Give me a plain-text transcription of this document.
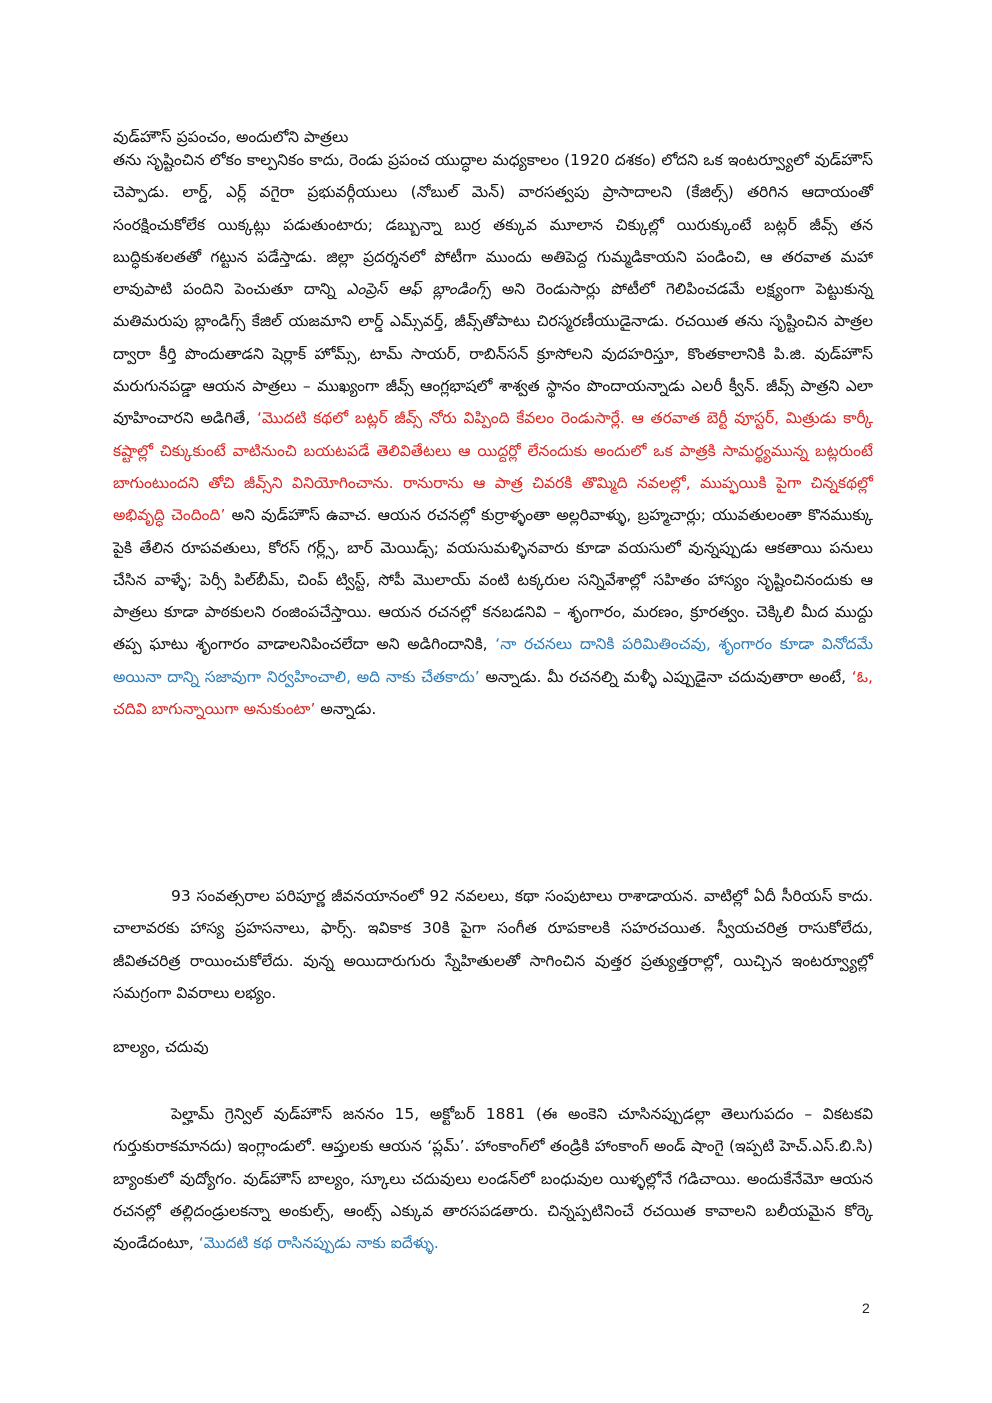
వుడ్‌హౌస్ ప్రపంచం, అందులోని పాత్రలు

తను సృష్టించిన లోకం కాల్పనికం కాదు, రెండు ప్రపంచ యుద్ధాల మధ్యకాలం (1920 దశకం) లోదని ఒక ఇంటర్వ్యూలో వుడ్‌హౌస్ చెప్పాడు. లార్డ్, ఎర్ల్ వగైరా ప్రభువర్గీయులు (నోబుల్ మెన్) వారసత్వపు ప్రాసాదాలని (కేజిల్స్) తరిగిన ఆదాయంతో సంరక్షించుకోలేక యిక్కట్లు పడుతుంటారు; డబ్బున్నా బుర్ర తక్కువ మూలాన చిక్కుల్లో యిరుక్కుంటే బట్లర్ జీవ్స్ తన బుద్ధికుశలతతో గట్టున పడేస్తాడు. జిల్లా ప్రదర్శనలో పోటీగా ముందు అతిపెద్ద గుమ్మడికాయని పండించి, ఆ తరవాత మహా లావుపాటి పందిని పెంచుతూ దాన్ని ఎంప్రెస్ ఆఫ్ బ్లాండింగ్స్ అని రెండుసార్లు పోటీలో గెలిపించడమే లక్ష్యంగా పెట్టుకున్న మతిమరుపు బ్లాండిగ్స్ కేజిల్ యజమాని లార్డ్ ఎమ్స్‌వర్త్, జీవ్స్‌తోపాటు చిరస్మరణీయుడైనాడు. రచయిత తను సృష్టించిన పాత్రల ద్వారా కీర్తి పొందుతాడని షెర్లాక్ హోమ్స్, టామ్ సాయర్, రాబిన్‌సన్ క్రూసోలని వుదహరిస్తూ, కొంతకాలానికి పి.జి. వుడ్‌హౌస్ మరుగునపడ్డా ఆయన పాత్రలు – ముఖ్యంగా జీవ్స్ ఆంగ్లభాషలో శాశ్వత స్థానం పొందాయన్నాడు ఎలరీ క్వీన్. జీవ్స్ పాత్రని ఎలా వూహించారని అడిగితే, ‘మొదటి కథలో బట్లర్ జీవ్స్ నోరు విప్పింది కేవలం రెండుసార్లే. ఆ తరవాత బెర్టీ వూస్టర్, మిత్రుడు కార్కీ కష్టాల్లో చిక్కుకుంటే వాటినుంచి బయటపడే తెలివితేటలు ఆ యిద్దర్లో లేనందుకు అందులో ఒక పాత్రకి సామర్థ్యమున్న బట్లరుంటే బాగుంటుందని తోచి జీవ్స్‌ని వినియోగించాను. రానురాను ఆ పాత్ర చివరకి తొమ్మిది నవలల్లో, ముప్ఫయికి పైగా చిన్నకథల్లో అభివృద్ధి చెందింది’ అని వుడ్‌హౌస్ ఉవాచ. ఆయన రచనల్లో కుర్రాళ్ళంతా అల్లరివాళ్ళు, బ్రహ్మచార్లు; యువతులంతా కొనముక్కు పైకి తేలిన రూపవతులు, కోరస్ గర్ల్స్, బార్ మెయిడ్స్; వయసుమళ్ళినవారు కూడా వయసులో వున్నప్పుడు ఆకతాయి పనులు చేసిన వాళ్ళే; పెర్సీ పిల్‌బీమ్, చింప్ ట్విస్ట్, సోపీ మొలాయ్ వంటి టక్కరుల సన్నివేశాల్లో సహితం హాస్యం సృష్టించినందుకు ఆ పాత్రలు కూడా పాఠకులని రంజింపచేస్తాయి. ఆయన రచనల్లో కనబడనివి – శృంగారం, మరణం, క్రూరత్వం. చెక్కిలి మీద ముద్దు తప్ప ఘాటు శృంగారం వాడాలనిపించలేదా అని అడిగిందానికి, ‘నా రచనలు దానికి పరిమితించవు, శృంగారం కూడా వినోదమే అయినా దాన్ని సజావుగా నిర్వహించాలి, అది నాకు చేతకాదు’ అన్నాడు. మీ రచనల్ని మళ్ళీ ఎప్పుడైనా చదువుతారా అంటే, ‘ఓ, చదివి బాగున్నాయిగా అనుకుంటా’ అన్నాడు.

93 సంవత్సరాల పరిపూర్ణ జీవనయానంలో 92 నవలలు, కథా సంపుటాలు రాశాడాయన. వాటిల్లో ఏదీ సీరియస్ కాదు. చాలావరకు హాస్య ప్రహసనాలు, ఫార్స్. ఇవికాక 30కి పైగా సంగీత రూపకాలకి సహరచయిత. స్వీయచరిత్ర రాసుకోలేదు, జీవితచరిత్ర రాయించుకోలేదు. వున్న అయిదారుగురు స్నేహితులతో సాగించిన వుత్తర ప్రత్యుత్తరాల్లో, యిచ్చిన ఇంటర్వ్యూల్లో సమగ్రంగా వివరాలు లభ్యం.

బాల్యం, చదువు

పెల్హామ్ గ్రెన్విల్ వుడ్‌హౌస్ జననం 15, అక్టోబర్ 1881 (ఈ అంకెని చూసినప్పుడల్లా తెలుగుపదం – వికటకవి గుర్తుకురాకమానదు) ఇంగ్లాండులో. ఆప్తులకు ఆయన ‘ప్లమ్’. హాంకాంగ్‌లో తండ్రికి హాంకాంగ్ అండ్ షాంగై (ఇప్పటి హెచ్.ఎస్.బి.సి) బ్యాంకులో వుద్యోగం. వుడ్‌హౌస్ బాల్యం, స్కూలు చదువులు లండన్‌లో బంధువుల యిళ్ళల్లోనే గడిచాయి. అందుకేనేమో ఆయన రచనల్లో తల్లిదండ్రులకన్నా అంకుల్స్, ఆంట్స్ ఎక్కువ తారసపడతారు. చిన్నప్పటినించే రచయిత కావాలని బలీయమైన కోర్కె వుండేదంటూ, ‘మొదటి కథ రాసినప్పుడు నాకు ఐదేళ్ళు.

2
